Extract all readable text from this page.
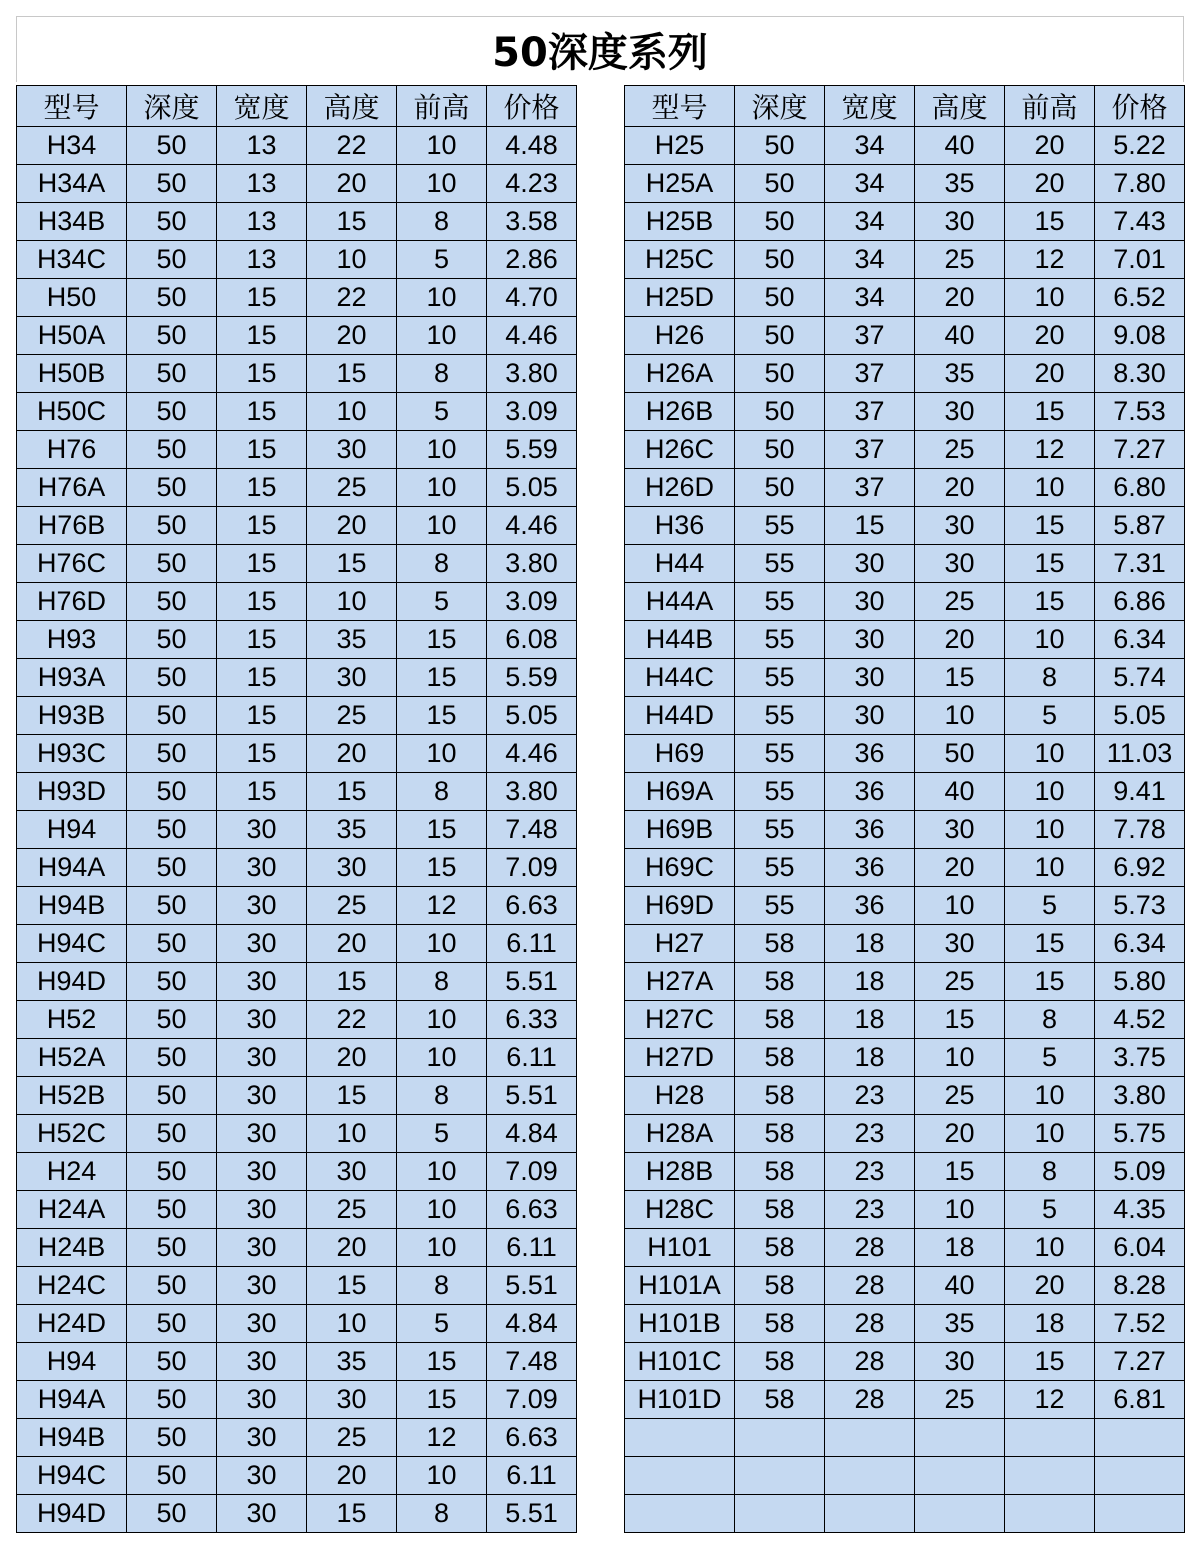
50深度系列
型号	深度	宽度	高度	前高	价格
H34	50	13	22	10	4.48
H34A	50	13	20	10	4.23
H34B	50	13	15	8	3.58
H34C	50	13	10	5	2.86
H50	50	15	22	10	4.70
H50A	50	15	20	10	4.46
H50B	50	15	15	8	3.80
H50C	50	15	10	5	3.09
H76	50	15	30	10	5.59
H76A	50	15	25	10	5.05
H76B	50	15	20	10	4.46
H76C	50	15	15	8	3.80
H76D	50	15	10	5	3.09
H93	50	15	35	15	6.08
H93A	50	15	30	15	5.59
H93B	50	15	25	15	5.05
H93C	50	15	20	10	4.46
H93D	50	15	15	8	3.80
H94	50	30	35	15	7.48
H94A	50	30	30	15	7.09
H94B	50	30	25	12	6.63
H94C	50	30	20	10	6.11
H94D	50	30	15	8	5.51
H52	50	30	22	10	6.33
H52A	50	30	20	10	6.11
H52B	50	30	15	8	5.51
H52C	50	30	10	5	4.84
H24	50	30	30	10	7.09
H24A	50	30	25	10	6.63
H24B	50	30	20	10	6.11
H24C	50	30	15	8	5.51
H24D	50	30	10	5	4.84
H94	50	30	35	15	7.48
H94A	50	30	30	15	7.09
H94B	50	30	25	12	6.63
H94C	50	30	20	10	6.11
H94D	50	30	15	8	5.51
型号	深度	宽度	高度	前高	价格
H25	50	34	40	20	5.22
H25A	50	34	35	20	7.80
H25B	50	34	30	15	7.43
H25C	50	34	25	12	7.01
H25D	50	34	20	10	6.52
H26	50	37	40	20	9.08
H26A	50	37	35	20	8.30
H26B	50	37	30	15	7.53
H26C	50	37	25	12	7.27
H26D	50	37	20	10	6.80
H36	55	15	30	15	5.87
H44	55	30	30	15	7.31
H44A	55	30	25	15	6.86
H44B	55	30	20	10	6.34
H44C	55	30	15	8	5.74
H44D	55	30	10	5	5.05
H69	55	36	50	10	11.03
H69A	55	36	40	10	9.41
H69B	55	36	30	10	7.78
H69C	55	36	20	10	6.92
H69D	55	36	10	5	5.73
H27	58	18	30	15	6.34
H27A	58	18	25	15	5.80
H27C	58	18	15	8	4.52
H27D	58	18	10	5	3.75
H28	58	23	25	10	3.80
H28A	58	23	20	10	5.75
H28B	58	23	15	8	5.09
H28C	58	23	10	5	4.35
H101	58	28	18	10	6.04
H101A	58	28	40	20	8.28
H101B	58	28	35	18	7.52
H101C	58	28	30	15	7.27
H101D	58	28	25	12	6.81
